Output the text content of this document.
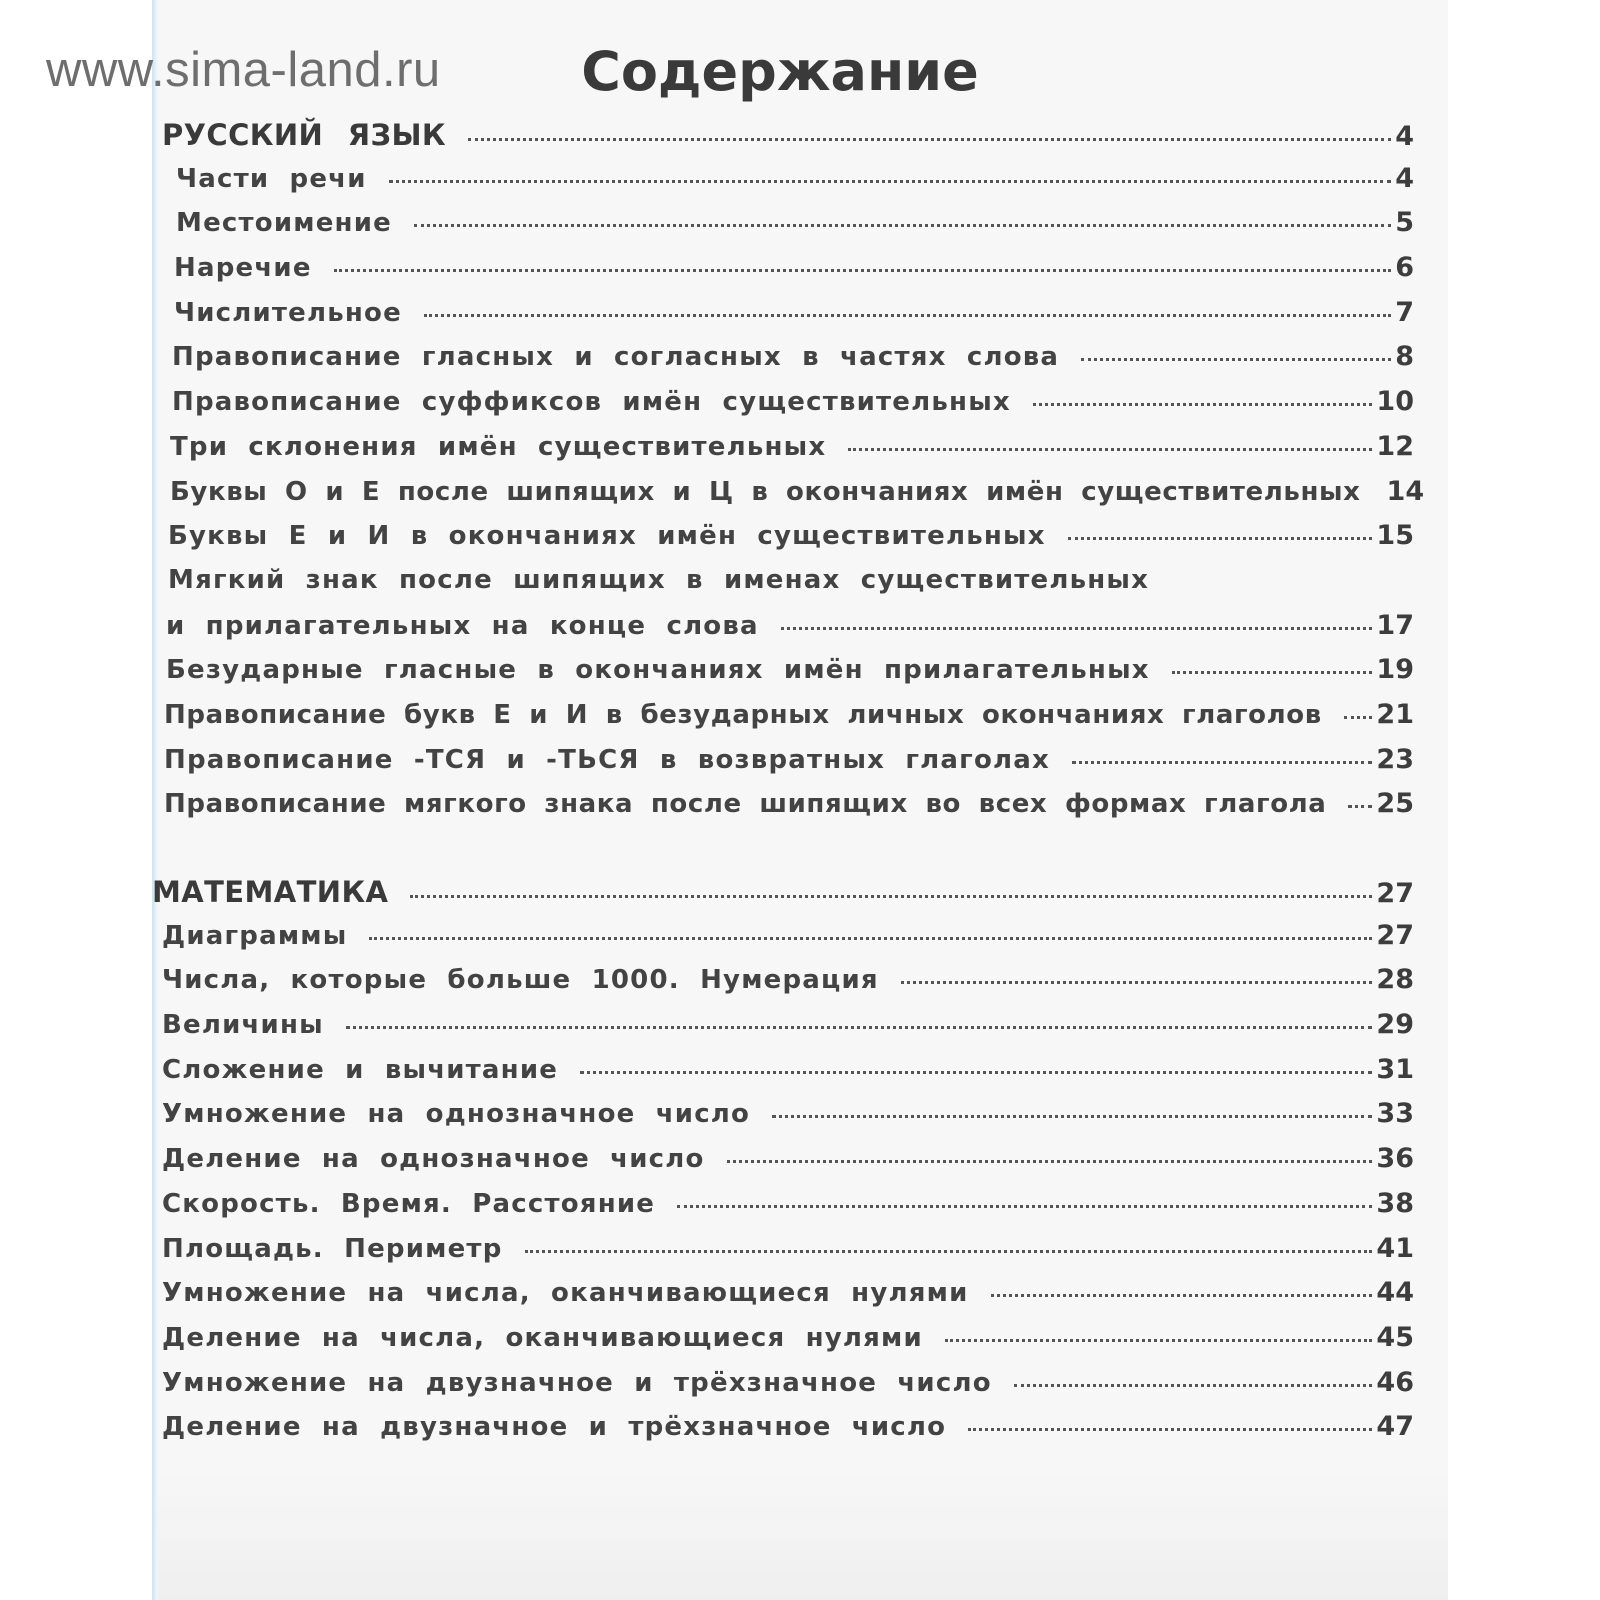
www.sima-land.ru	Содержание
РУССКИЙ ЯЗЫК	4
Части речи	4
Местоимение	5
Наречие	6
Числительное	7
Правописание гласных и согласных в частях слова	8
Правописание суффиксов имён существительных	10
Три склонения имён существительных	12
Буквы О и Е после шипящих и Ц в окончаниях имён существительных 14
Буквы Е и И в окончаниях имён существительных	15
Мягкий знак после шипящих в именах существительных
и прилагательных на конце слова	17
Безударные гласные в окончаниях имён прилагательных	19
Правописание букв Е и И в безударных личных окончаниях глаголов 21
Правописание -ТСЯ и -ТЬСЯ в возвратных глаголах	23
Правописание мягкого знака после шипящих во всех формах глагола 25
МАТЕМАТИКА	27
Диаграммы	27
Числа, которые больше 1000. Нумерация	28
Величины	29
Сложение и вычитание	31
Умножение на однозначное число	33
Деление на однозначное число	36
Скорость. Время. Расстояние	38
Площадь. Периметр	41
Умножение на числа, оканчивающиеся нулями	44
Деление на числа, оканчивающиеся нулями	45
Умножение на двузначное и трёхзначное число	46
Деление на двузначное и трёхзначное число	47
